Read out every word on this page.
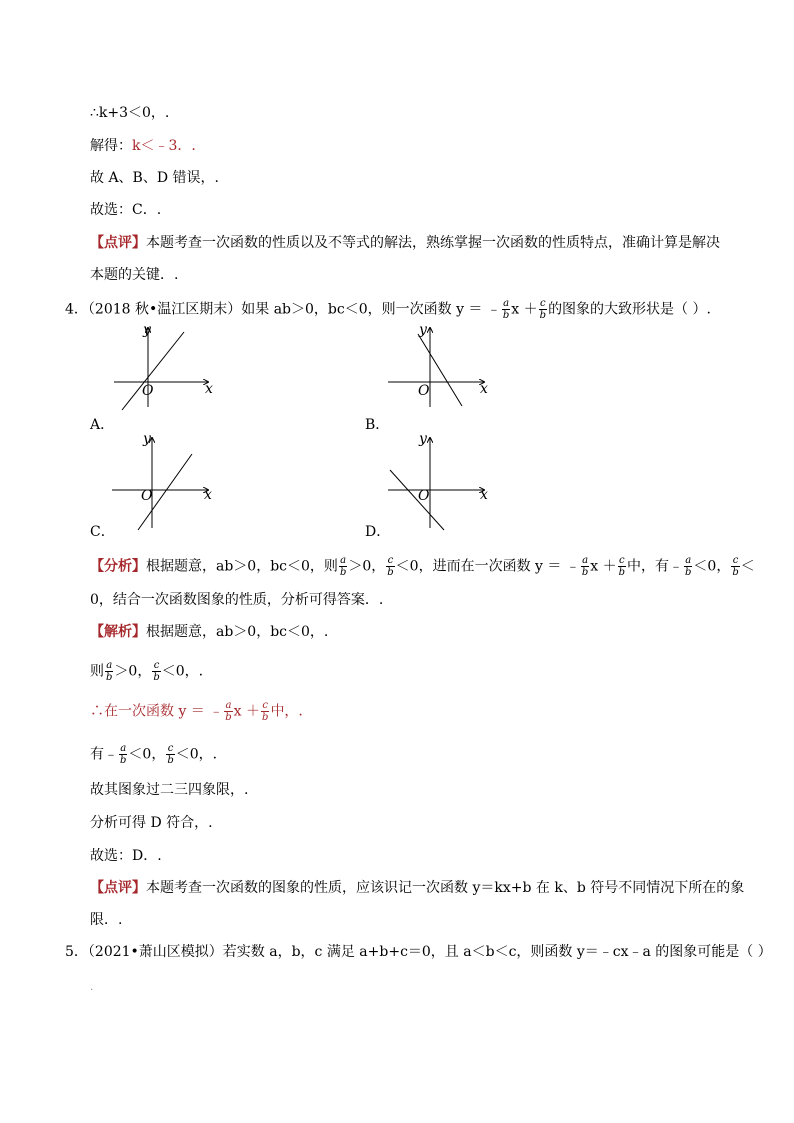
∴k+3＜0，.
解得：k＜﹣3．.
故 A、B、D 错误，.
故选：C．.
【点评】本题考查一次函数的性质以及不等式的解法，熟练掌握一次函数的性质特点，准确计算是解决
本题的关键．.
4．（2018 秋•温江区期末）如果 ab＞0，bc＜0，则一次函数 y ＝ ﹣ $\frac{a}{b}$ $x + \frac{c}{b}$ 的图象的大致形状是（ ）.
y
x
O
A．
y
x
O
B．
y
x
O
C．
y
x
O
D．
【分析】根据题意，ab＞0，bc＜0，则 $\frac{a}{b} >0$， $\frac{c}{b} <0$，进而在一次函数 y ＝ ﹣ $\frac{a}{b}$ $x + \frac{c}{b}$ 中，有﹣ $\frac{a}{b} <0$， $\frac{c}{b}$ ＜
0，结合一次函数图象的性质，分析可得答案．.
【解析】根据题意，ab＞0，bc＜0，.
则 $\frac{a}{b} >0$， $\frac{c}{b} <0$，.
∴在一次函数 y ＝ ﹣ $\frac{a}{b}$ $x + \frac{c}{b}$ 中，.
有﹣ $\frac{a}{b} <0$， $\frac{c}{b} <0$，.
故其图象过二三四象限，.
分析可得 D 符合，.
故选：D．.
【点评】本题考查一次函数的图象的性质，应该识记一次函数 y＝kx+b 在 k、b 符号不同情况下所在的象
限．.
5．（2021•萧山区模拟）若实数 a，b，c 满足 a+b+c＝0，且 a＜b＜c，则函数 y＝﹣cx﹣a 的图象可能是（ ）
.
